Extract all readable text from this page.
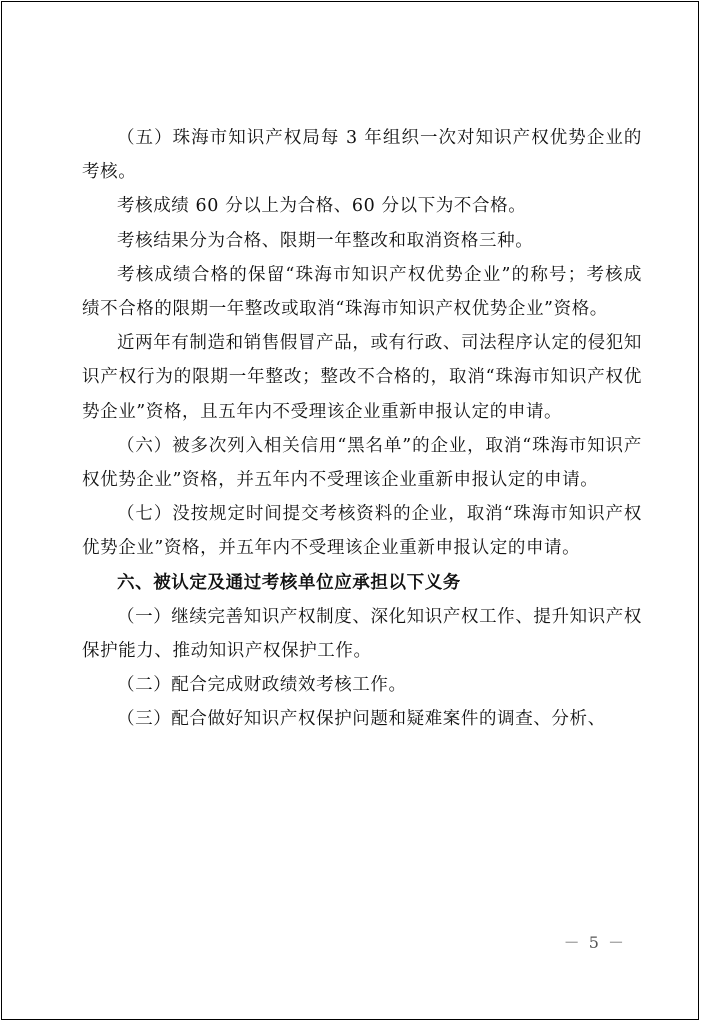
（五）珠海市知识产权局每 3 年组织一次对知识产权优势企业的考核。

考核成绩 60 分以上为合格、60 分以下为不合格。

考核结果分为合格、限期一年整改和取消资格三种。

考核成绩合格的保留“珠海市知识产权优势企业”的称号；考核成绩不合格的限期一年整改或取消“珠海市知识产权优势企业”资格。

近两年有制造和销售假冒产品，或有行政、司法程序认定的侵犯知识产权行为的限期一年整改；整改不合格的，取消“珠海市知识产权优势企业”资格，且五年内不受理该企业重新申报认定的申请。

（六）被多次列入相关信用“黑名单”的企业，取消“珠海市知识产权优势企业”资格，并五年内不受理该企业重新申报认定的申请。

（七）没按规定时间提交考核资料的企业，取消“珠海市知识产权优势企业”资格，并五年内不受理该企业重新申报认定的申请。

六、被认定及通过考核单位应承担以下义务

（一）继续完善知识产权制度、深化知识产权工作、提升知识产权保护能力、推动知识产权保护工作。

（二）配合完成财政绩效考核工作。

（三）配合做好知识产权保护问题和疑难案件的调查、分析、

－ 5 －
